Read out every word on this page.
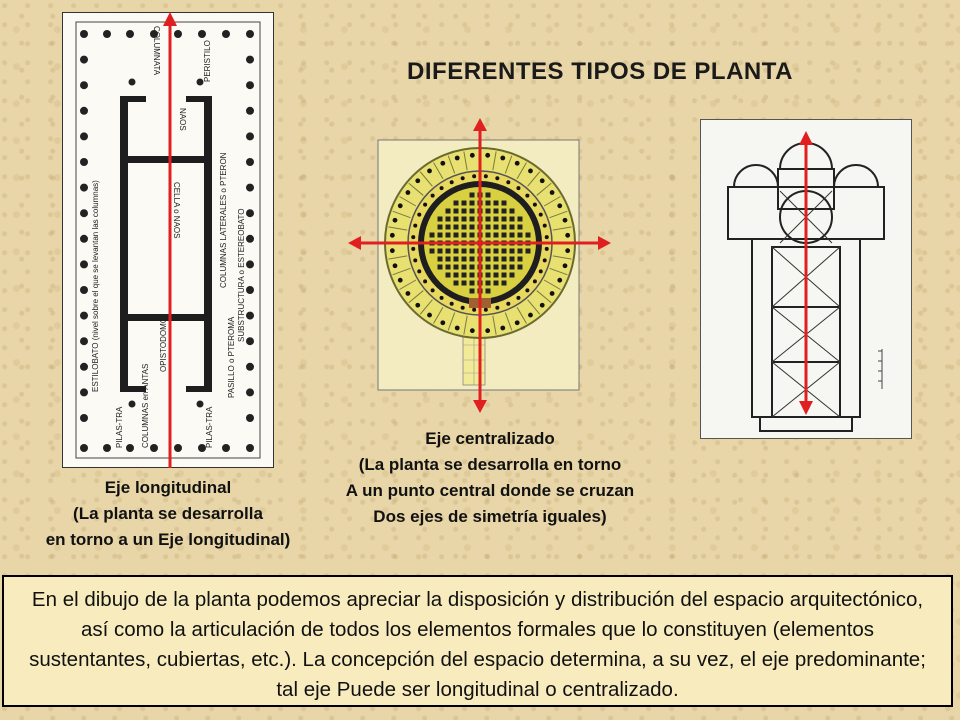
DIFERENTES TIPOS DE PLANTA
COLUMNATA	PERISTILO
NAOS
CELLA o NAOS	COLUMNAS LATERALES o PTERON
PASILLO o PTEROMA
SUBSTRUCTURA o ESTEREOBATO
ESTILOBATO (nivel sobre el que se levantan las columnas)	OPISTODOMO
COLUMNAS en ANTAS
PILAS-TRA	PILAS-TRA
Eje longitudinal
(La planta se desarrolla
en torno a un Eje longitudinal)
Eje centralizado
(La planta se desarrolla en torno
A un punto central donde se cruzan
Dos ejes de simetría iguales)
En el dibujo de la planta podemos apreciar la disposición y distribución del espacio arquitectónico, así como la articulación de todos los elementos formales que lo constituyen (elementos sustentantes, cubiertas, etc.). La concepción del espacio determina, a su vez, el eje predominante; tal eje Puede ser longitudinal o centralizado.
